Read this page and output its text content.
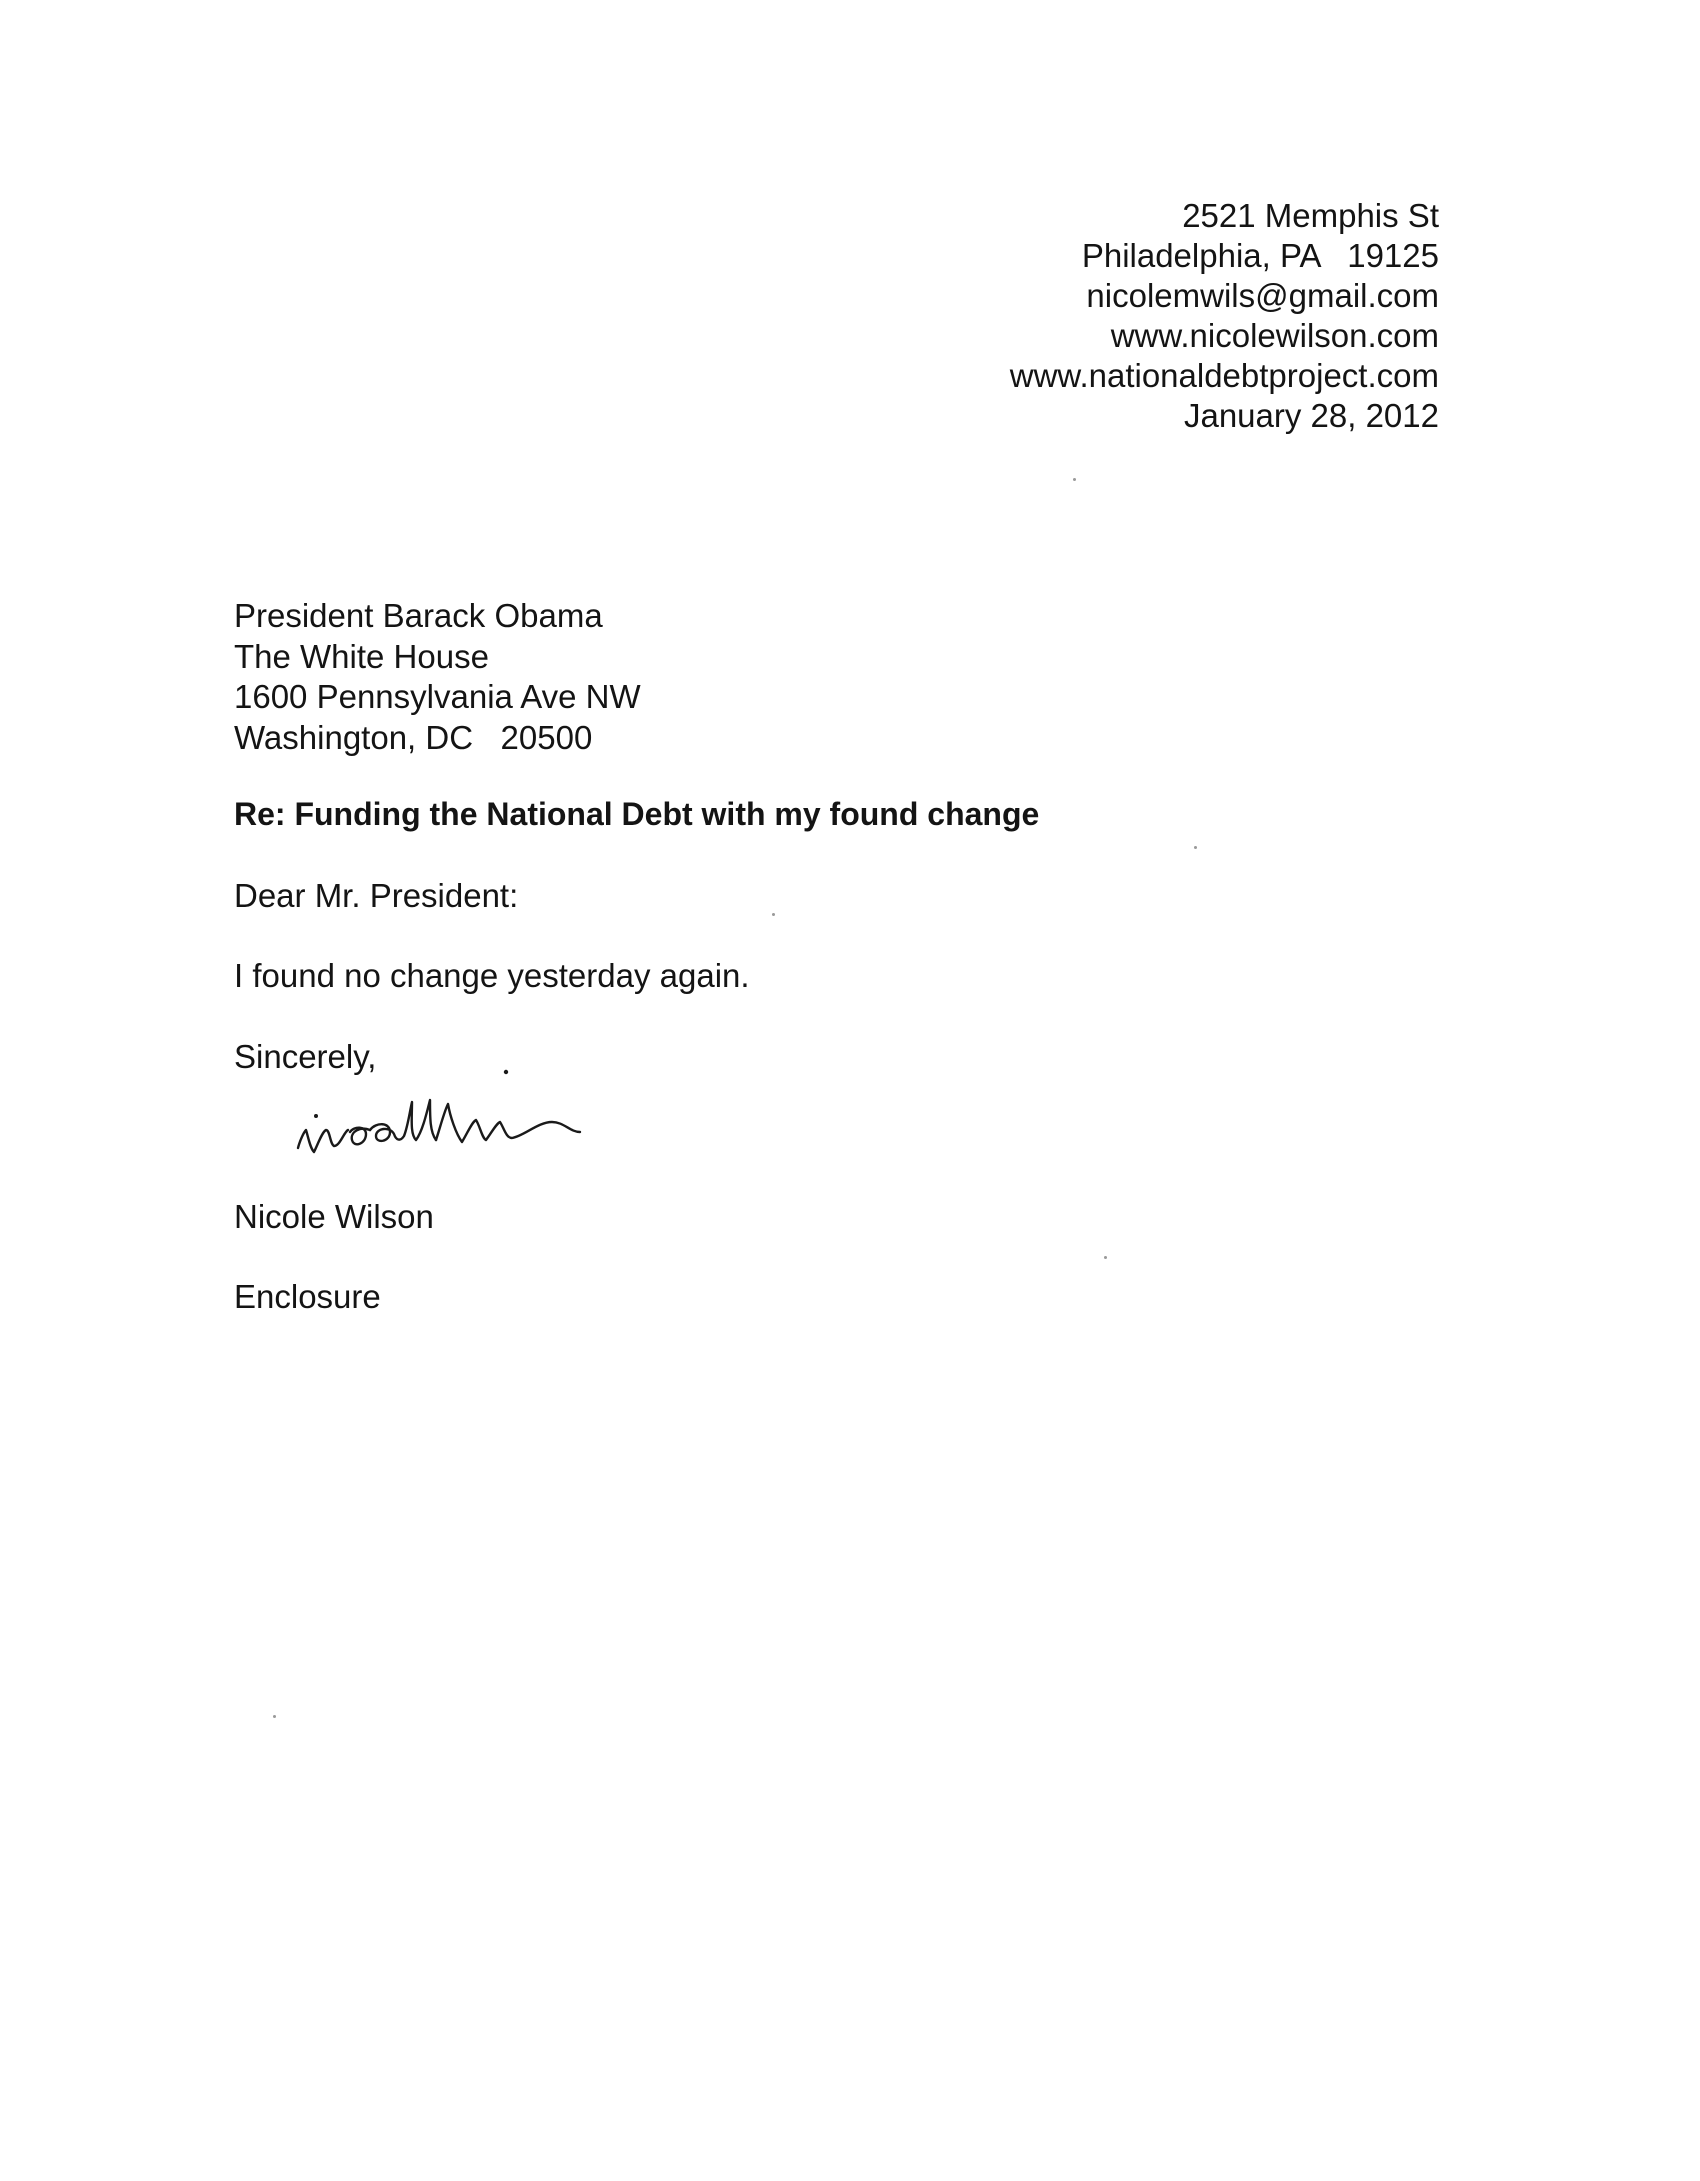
2521 Memphis St
Philadelphia, PA   19125
nicolemwils@gmail.com
www.nicolewilson.com
www.nationaldebtproject.com
January 28, 2012
President Barack Obama
The White House
1600 Pennsylvania Ave NW
Washington, DC   20500
Re: Funding the National Debt with my found change
Dear Mr. President:
I found no change yesterday again.
Sincerely,
Nicole Wilson
Enclosure
